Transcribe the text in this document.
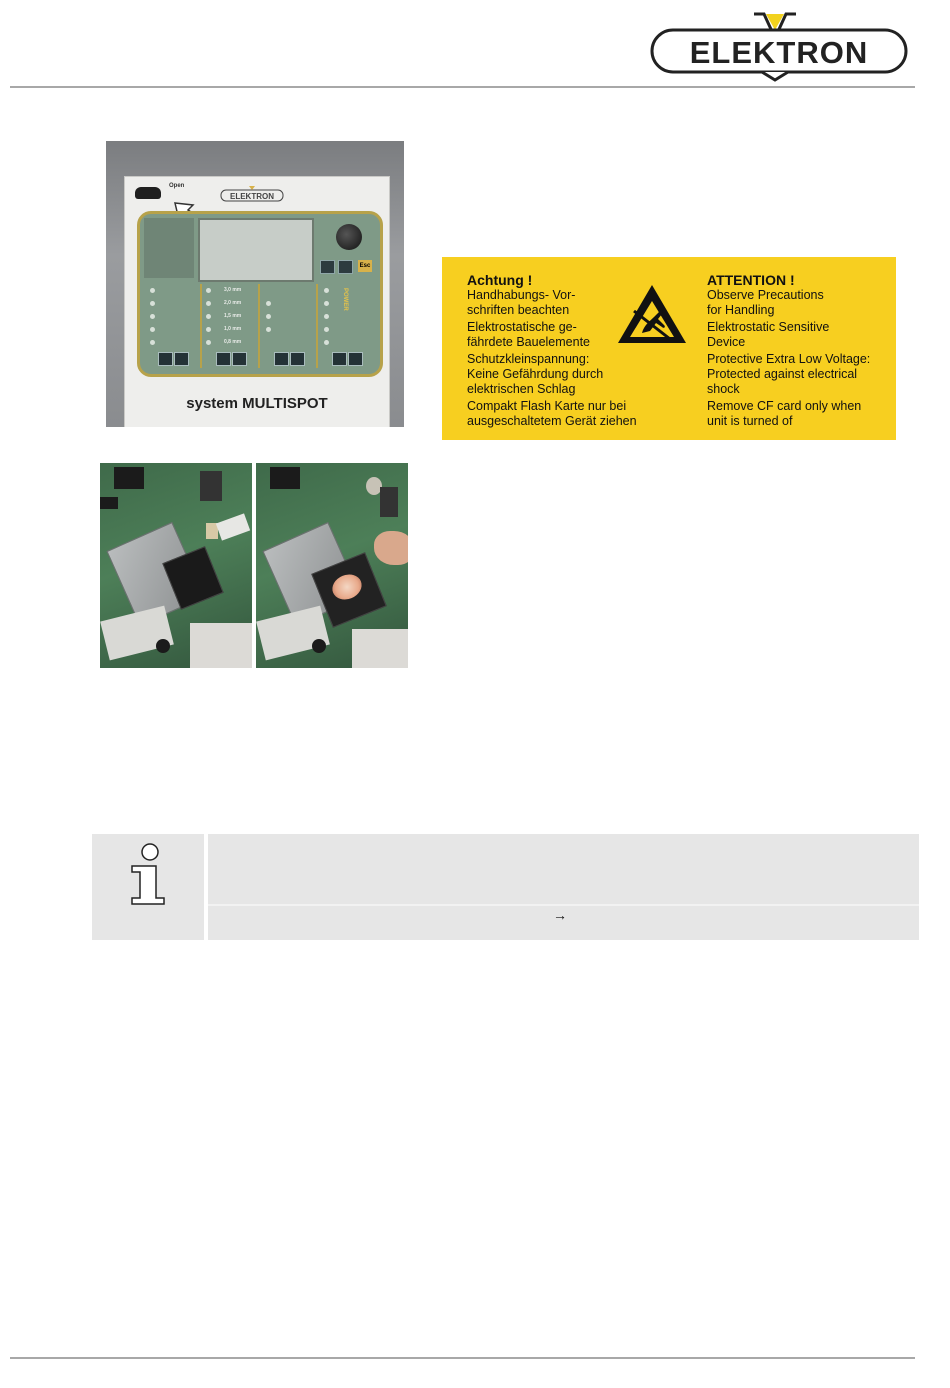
ELEKTRON
Open
ELEKTRON
Esc
3,0 mm
2,0 mm
1,5 mm
1,0 mm
0,8 mm
POWER
system MULTISPOT
Achtung !
Handhabungs- Vor-
schriften beachten
Elektrostatische ge-
fährdete Bauelemente
Schutzkleinspannung:
Keine Gefährdung durch
elektrischen Schlag
Compakt Flash Karte nur bei
ausgeschaltetem Gerät ziehen
ATTENTION !
Observe Precautions
for Handling
Elektrostatic Sensitive
Device
Protective Extra Low Voltage:
Protected against electrical
shock
Remove CF card only when
unit is turned of
→
